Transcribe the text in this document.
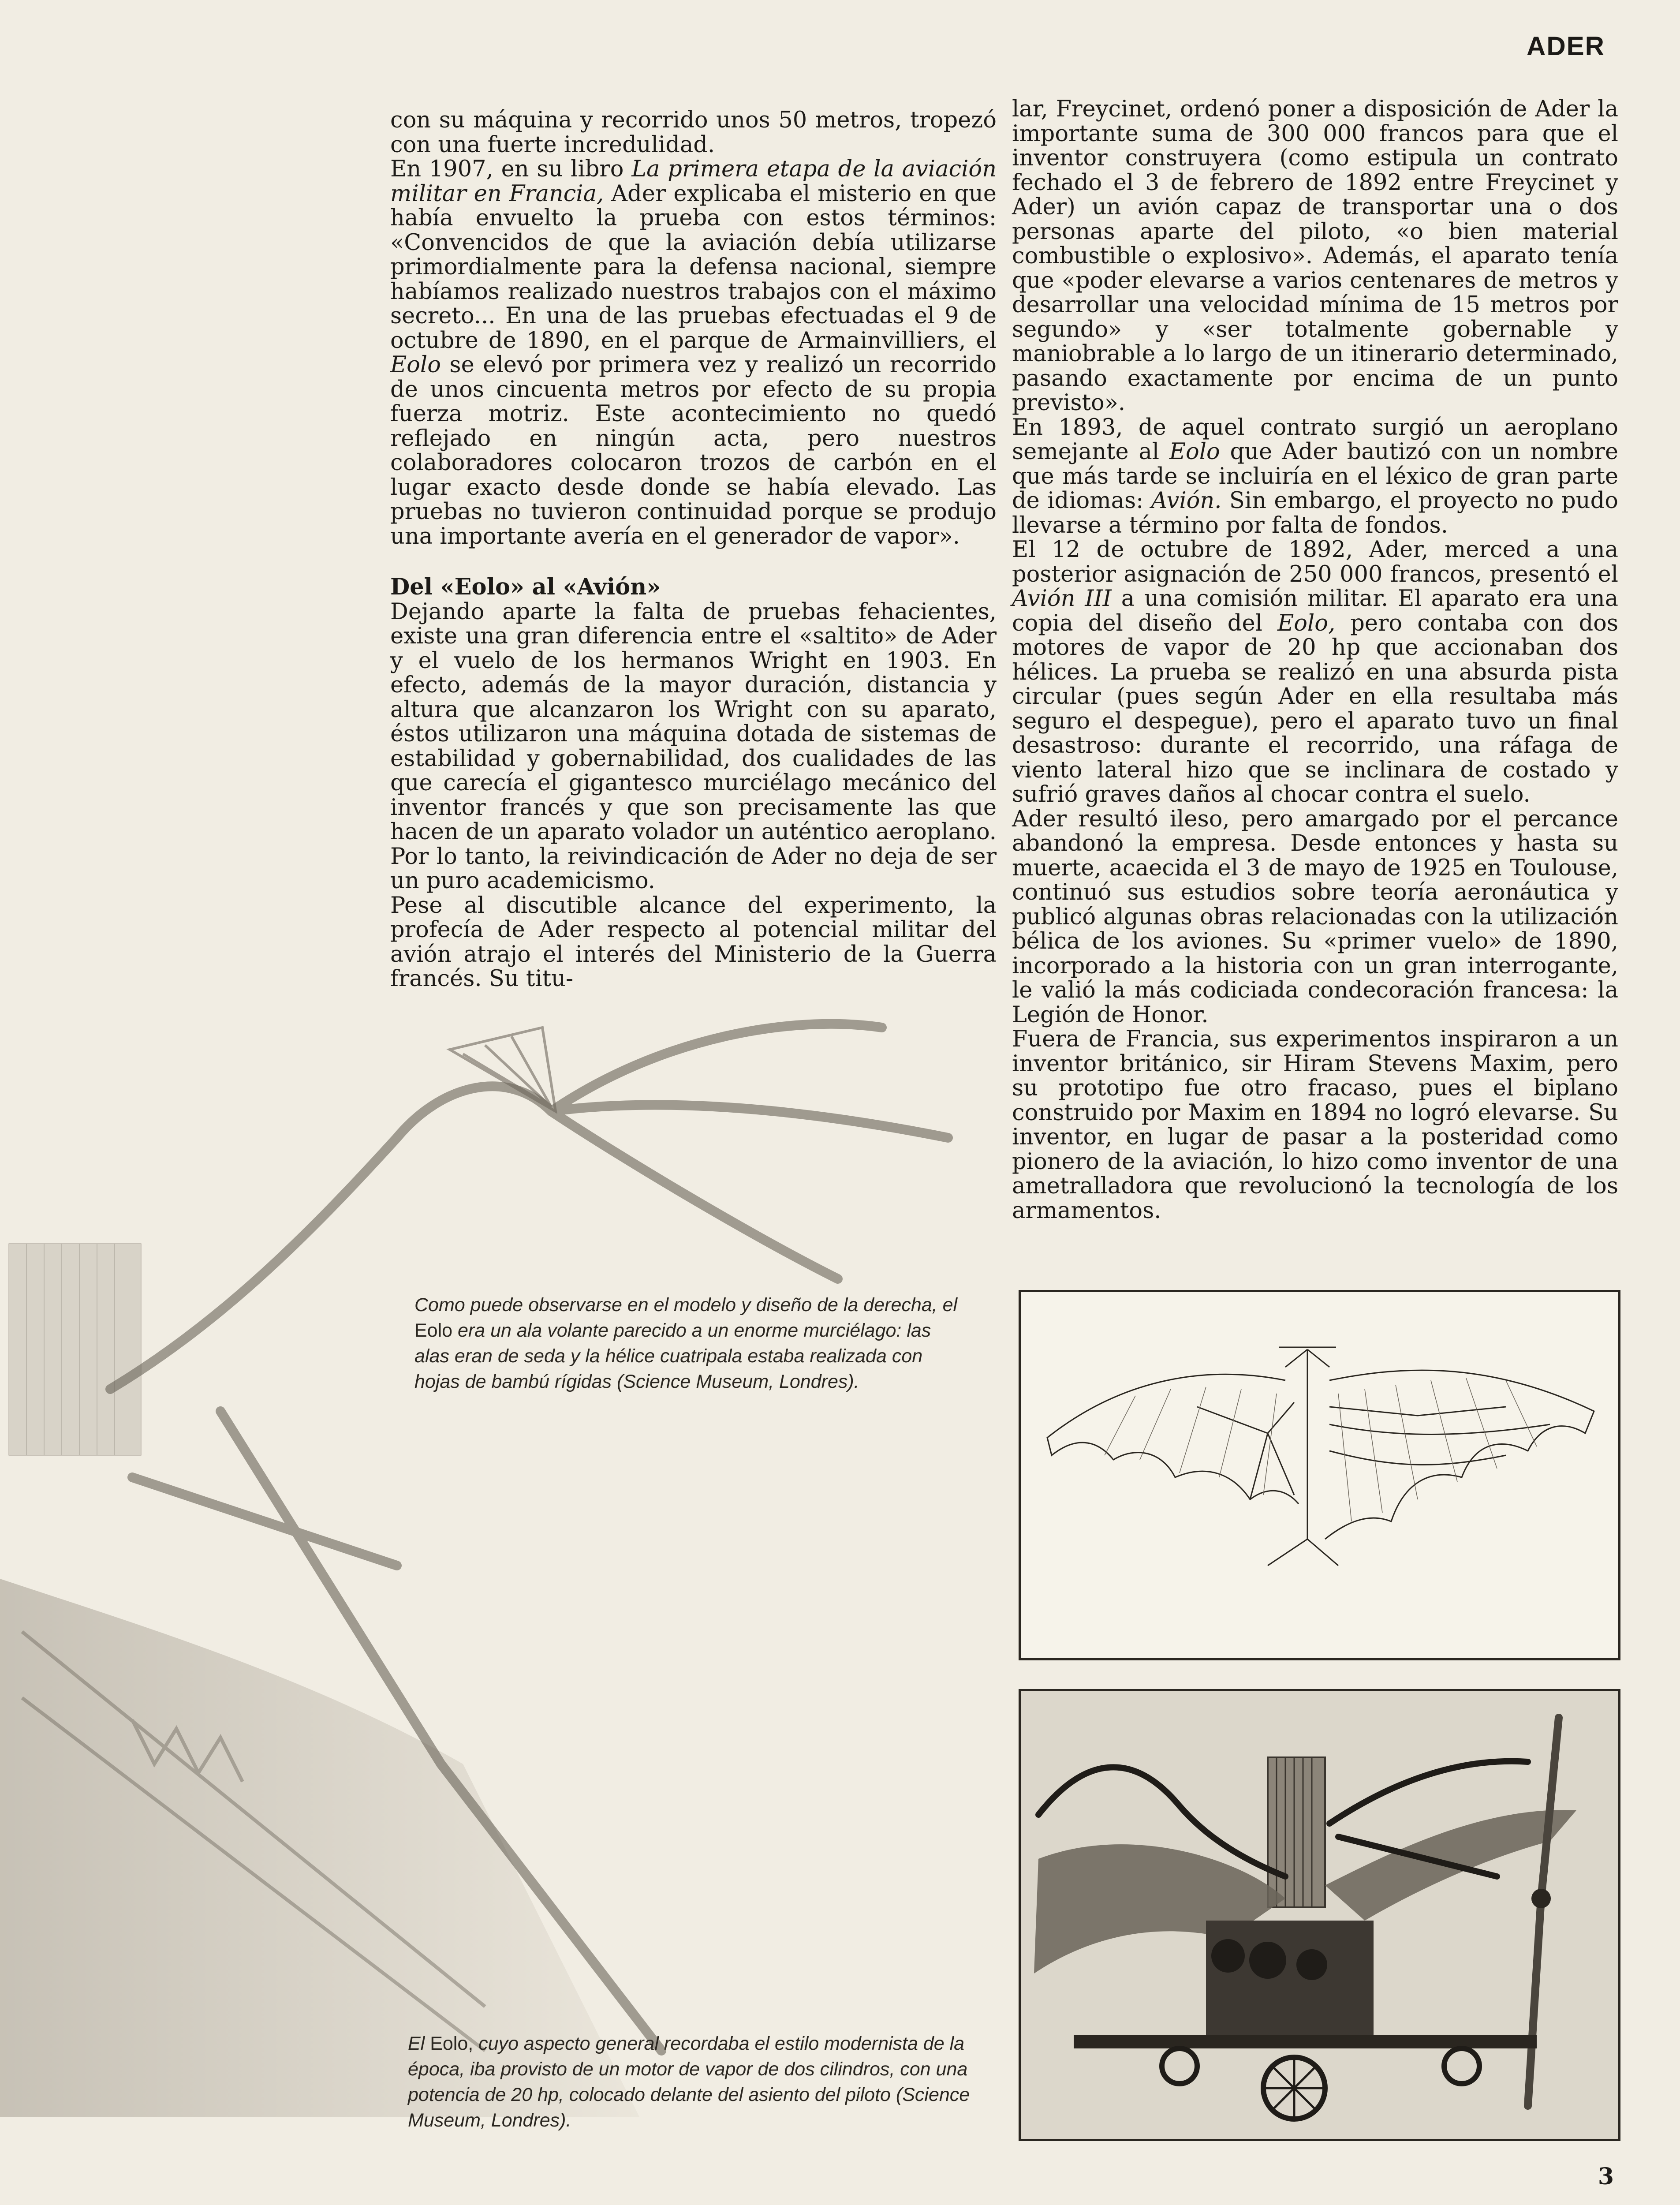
ADER

con su máquina y recorrido unos 50 metros, tropezó con una fuerte incredulidad.

En 1907, en su libro La primera etapa de la aviación militar en Francia, Ader explicaba el misterio en que había envuelto la prueba con estos términos: «Convencidos de que la aviación debía utilizarse primordialmente para la defensa nacional, siempre habíamos realizado nuestros trabajos con el máximo secreto... En una de las pruebas efectuadas el 9 de octubre de 1890, en el parque de Armainvilliers, el Eolo se elevó por primera vez y realizó un recorrido de unos cincuenta metros por efecto de su propia fuerza motriz. Este acontecimiento no quedó reflejado en ningún acta, pero nuestros colaboradores colocaron trozos de carbón en el lugar exacto desde donde se había elevado. Las pruebas no tuvieron continuidad porque se produjo una importante avería en el generador de vapor».

Del «Eolo» al «Avión»

Dejando aparte la falta de pruebas fehacientes, existe una gran diferencia entre el «saltito» de Ader y el vuelo de los hermanos Wright en 1903. En efecto, además de la mayor duración, distancia y altura que alcanzaron los Wright con su aparato, éstos utilizaron una máquina dotada de sistemas de estabilidad y gobernabilidad, dos cualidades de las que carecía el gigantesco murciélago mecánico del inventor francés y que son precisamente las que hacen de un aparato volador un auténtico aeroplano. Por lo tanto, la reivindicación de Ader no deja de ser un puro academicismo.

Pese al discutible alcance del experimento, la profecía de Ader respecto al potencial militar del avión atrajo el interés del Ministerio de la Guerra francés. Su titu-

lar, Freycinet, ordenó poner a disposición de Ader la importante suma de 300 000 francos para que el inventor construyera (como estipula un contrato fechado el 3 de febrero de 1892 entre Freycinet y Ader) un avión capaz de transportar una o dos personas aparte del piloto, «o bien material combustible o explosivo». Además, el aparato tenía que «poder elevarse a varios centenares de metros y desarrollar una velocidad mínima de 15 metros por segundo» y «ser totalmente gobernable y maniobrable a lo largo de un itinerario determinado, pasando exactamente por encima de un punto previsto».

En 1893, de aquel contrato surgió un aeroplano semejante al Eolo que Ader bautizó con un nombre que más tarde se incluiría en el léxico de gran parte de idiomas: Avión. Sin embargo, el proyecto no pudo llevarse a término por falta de fondos.

El 12 de octubre de 1892, Ader, merced a una posterior asignación de 250 000 francos, presentó el Avión III a una comisión militar. El aparato era una copia del diseño del Eolo, pero contaba con dos motores de vapor de 20 hp que accionaban dos hélices. La prueba se realizó en una absurda pista circular (pues según Ader en ella resultaba más seguro el despegue), pero el aparato tuvo un final desastroso: durante el recorrido, una ráfaga de viento lateral hizo que se inclinara de costado y sufrió graves daños al chocar contra el suelo.

Ader resultó ileso, pero amargado por el percance abandonó la empresa. Desde entonces y hasta su muerte, acaecida el 3 de mayo de 1925 en Toulouse, continuó sus estudios sobre teoría aeronáutica y publicó algunas obras relacionadas con la utilización bélica de los aviones. Su «primer vuelo» de 1890, incorporado a la historia con un gran interrogante, le valió la más codiciada condecoración francesa: la Legión de Honor.

Fuera de Francia, sus experimentos inspiraron a un inventor británico, sir Hiram Stevens Maxim, pero su prototipo fue otro fracaso, pues el biplano construido por Maxim en 1894 no logró elevarse. Su inventor, en lugar de pasar a la posteridad como pionero de la aviación, lo hizo como inventor de una ametralladora que revolucionó la tecnología de los armamentos.

Como puede observarse en el modelo y diseño de la derecha, el Eolo era un ala volante parecido a un enorme murciélago: las alas eran de seda y la hélice cuatripala estaba realizada con hojas de bambú rígidas (Science Museum, Londres).
El Eolo, cuyo aspecto general recordaba el estilo modernista de la época, iba provisto de un motor de vapor de dos cilindros, con una potencia de 20 hp, colocado delante del asiento del piloto (Science Museum, Londres).
3
